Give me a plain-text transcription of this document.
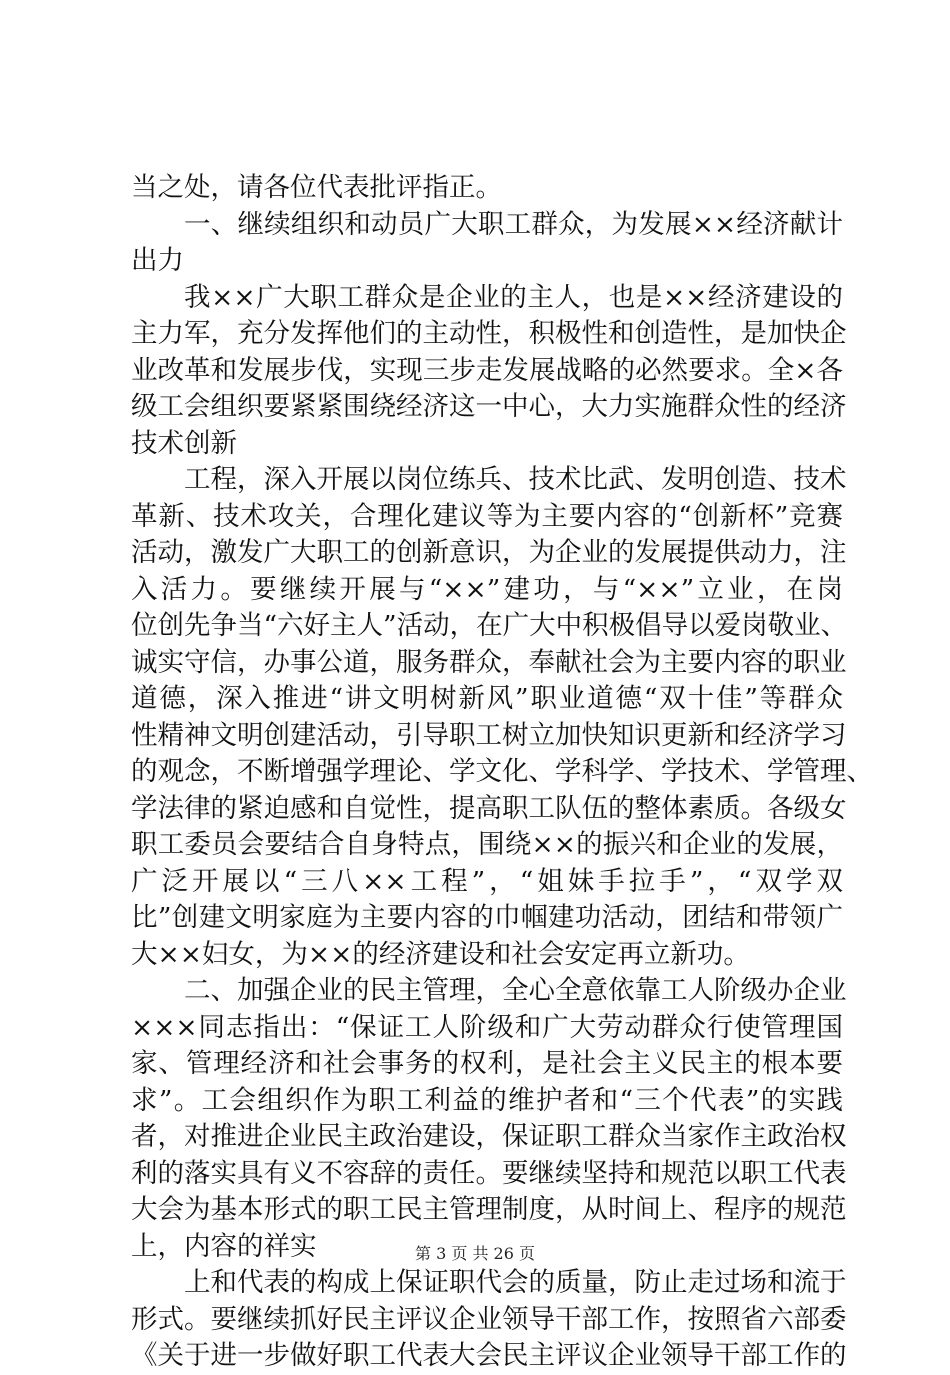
当之处，请各位代表批评指正。
一、继续组织和动员广大职工群众，为发展××经济献计
出力
我××广大职工群众是企业的主人，也是××经济建设的
主力军，充分发挥他们的主动性，积极性和创造性，是加快企
业改革和发展步伐，实现三步走发展战略的必然要求。全×各
级工会组织要紧紧围绕经济这一中心，大力实施群众性的经济
技术创新
工程，深入开展以岗位练兵、技术比武、发明创造、技术
革新、技术攻关，合理化建议等为主要内容的“创新杯”竞赛
活动，激发广大职工的创新意识，为企业的发展提供动力，注
入活力。要继续开展与“××”建功，与“××”立业，在岗
位创先争当“六好主人”活动，在广大中积极倡导以爱岗敬业、
诚实守信，办事公道，服务群众，奉献社会为主要内容的职业
道德，深入推进“讲文明树新风”职业道德“双十佳”等群众
性精神文明创建活动，引导职工树立加快知识更新和经济学习
的观念，不断增强学理论、学文化、学科学、学技术、学管理、
学法律的紧迫感和自觉性，提高职工队伍的整体素质。各级女
职工委员会要结合自身特点，围绕××的振兴和企业的发展，
广泛开展以“三八××工程”，“姐妹手拉手”，“双学双
比”创建文明家庭为主要内容的巾帼建功活动，团结和带领广
大××妇女，为××的经济建设和社会安定再立新功。
二、加强企业的民主管理，全心全意依靠工人阶级办企业
×××同志指出：“保证工人阶级和广大劳动群众行使管理国
家、管理经济和社会事务的权利，是社会主义民主的根本要
求”。工会组织作为职工利益的维护者和“三个代表”的实践
者，对推进企业民主政治建设，保证职工群众当家作主政治权
利的落实具有义不容辞的责任。要继续坚持和规范以职工代表
大会为基本形式的职工民主管理制度，从时间上、程序的规范
上，内容的祥实
上和代表的构成上保证职代会的质量，防止走过场和流于
形式。要继续抓好民主评议企业领导干部工作，按照省六部委
《关于进一步做好职工代表大会民主评议企业领导干部工作的
第 3 页 共 26 页
